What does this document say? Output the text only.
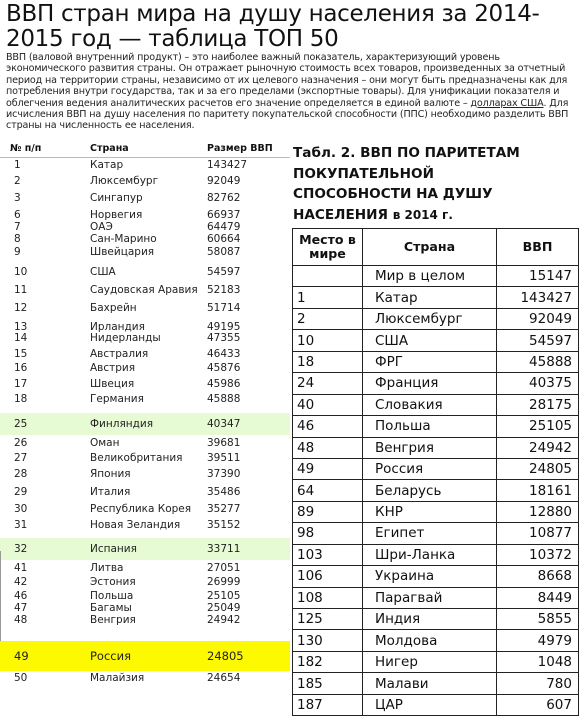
ВВП стран мира на душу населения за 2014-2015 год — таблица ТОП 50
ВВП (валовой внутренний продукт) – это наиболее важный показатель, характеризующий уровень экономического развития страны. Он отражает рыночную стоимость всех товаров, произведенных за отчетный период на территории страны, независимо от их целевого назначения – они могут быть предназначены как для потребления внутри государства, так и за его пределами (экспортные товары). Для унификации показателя и облегчения ведения аналитических расчетов его значение определяется в единой валюте – долларах США. Для исчисления ВВП на душу населения по паритету покупательской способности (ППС) необходимо разделить ВВП страны на численность ее населения.
№ п/п	Страна	Размер ВВП
1	Катар	143427
2	Люксембург	92049
3	Сингапур	82762
6	Норвегия	66937
7	ОАЭ	64479
8	Сан-Марино	60664
9	Швейцария	58087
10	США	54597
11	Саудовская Аравия 52183
12	Бахрейн	51714
13	Ирландия	49195
14	Нидерланды	47355
15	Австралия	46433
16	Австрия	45876
17	Швеция	45986
18	Германия	45888
25	Финляндия	40347
26	Оман	39681
27	Великобритания	39511
28	Япония	37390
29	Италия	35486
30	Республика Корея	35277
31	Новая Зеландия	35152
32	Испания	33711
41	Литва	27051
42	Эстония	26999
46	Польша	25105
47	Багамы	25049
48	Венгрия	24942
49	Россия	24805
50	Малайзия	24654
Табл. 2. ВВП ПО ПАРИТЕТАМ
ПОКУПАТЕЛЬНОЙ
СПОСОБНОСТИ НА ДУШУ
НАСЕЛЕНИЯ в 2014 г.
Место в мире	Страна	ВВП
	Мир в целом	15147
1	Катар	143427
2	Люксембург	92049
10	США	54597
18	ФРГ	45888
24	Франция	40375
40	Словакия	28175
46	Польша	25105
48	Венгрия	24942
49	Россия	24805
64	Беларусь	18161
89	КНР	12880
98	Египет	10877
103	Шри-Ланка	10372
106	Украина	8668
108	Парагвай	8449
125	Индия	5855
130	Молдова	4979
182	Нигер	1048
185	Малави	780
187	ЦАР	607
